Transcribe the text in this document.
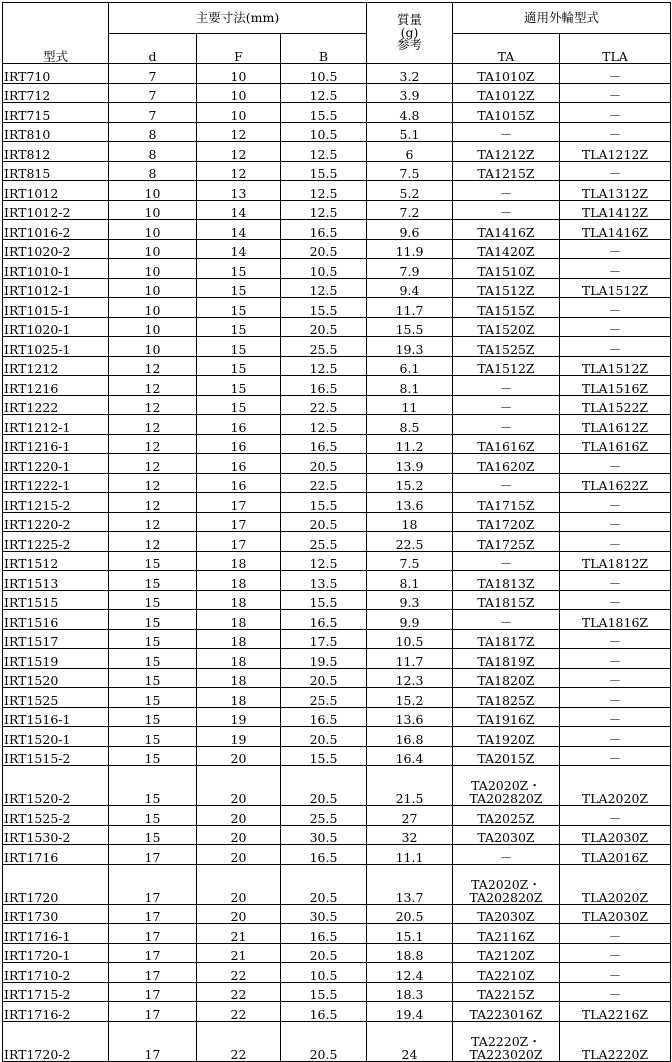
型式	主要寸法(mm)			質量
(g)
参考	適用外輪型式	
	d	F	B		TA	TLA
IRT710	7	10	10.5	3.2	TA1010Z	－
IRT712	7	10	12.5	3.9	TA1012Z	－
IRT715	7	10	15.5	4.8	TA1015Z	－
IRT810	8	12	10.5	5.1	－	－
IRT812	8	12	12.5	6	TA1212Z	TLA1212Z
IRT815	8	12	15.5	7.5	TA1215Z	－
IRT1012	10	13	12.5	5.2	－	TLA1312Z
IRT1012-2	10	14	12.5	7.2	－	TLA1412Z
IRT1016-2	10	14	16.5	9.6	TA1416Z	TLA1416Z
IRT1020-2	10	14	20.5	11.9	TA1420Z	－
IRT1010-1	10	15	10.5	7.9	TA1510Z	－
IRT1012-1	10	15	12.5	9.4	TA1512Z	TLA1512Z
IRT1015-1	10	15	15.5	11.7	TA1515Z	－
IRT1020-1	10	15	20.5	15.5	TA1520Z	－
IRT1025-1	10	15	25.5	19.3	TA1525Z	－
IRT1212	12	15	12.5	6.1	TA1512Z	TLA1512Z
IRT1216	12	15	16.5	8.1	－	TLA1516Z
IRT1222	12	15	22.5	11	－	TLA1522Z
IRT1212-1	12	16	12.5	8.5	－	TLA1612Z
IRT1216-1	12	16	16.5	11.2	TA1616Z	TLA1616Z
IRT1220-1	12	16	20.5	13.9	TA1620Z	－
IRT1222-1	12	16	22.5	15.2	－	TLA1622Z
IRT1215-2	12	17	15.5	13.6	TA1715Z	－
IRT1220-2	12	17	20.5	18	TA1720Z	－
IRT1225-2	12	17	25.5	22.5	TA1725Z	－
IRT1512	15	18	12.5	7.5	－	TLA1812Z
IRT1513	15	18	13.5	8.1	TA1813Z	－
IRT1515	15	18	15.5	9.3	TA1815Z	－
IRT1516	15	18	16.5	9.9	－	TLA1816Z
IRT1517	15	18	17.5	10.5	TA1817Z	－
IRT1519	15	18	19.5	11.7	TA1819Z	－
IRT1520	15	18	20.5	12.3	TA1820Z	－
IRT1525	15	18	25.5	15.2	TA1825Z	－
IRT1516-1	15	19	16.5	13.6	TA1916Z	－
IRT1520-1	15	19	20.5	16.8	TA1920Z	－
IRT1515-2	15	20	15.5	16.4	TA2015Z	－
IRT1520-2	15	20	20.5	21.5	TA2020Z・
TA202820Z	TLA2020Z
IRT1525-2	15	20	25.5	27	TA2025Z	－
IRT1530-2	15	20	30.5	32	TA2030Z	TLA2030Z
IRT1716	17	20	16.5	11.1	－	TLA2016Z
IRT1720	17	20	20.5	13.7	TA2020Z・
TA202820Z	TLA2020Z
IRT1730	17	20	30.5	20.5	TA2030Z	TLA2030Z
IRT1716-1	17	21	16.5	15.1	TA2116Z	－
IRT1720-1	17	21	20.5	18.8	TA2120Z	－
IRT1710-2	17	22	10.5	12.4	TA2210Z	－
IRT1715-2	17	22	15.5	18.3	TA2215Z	－
IRT1716-2	17	22	16.5	19.4	TA223016Z	TLA2216Z
IRT1720-2	17	22	20.5	24	TA2220Z・
TA223020Z	TLA2220Z
